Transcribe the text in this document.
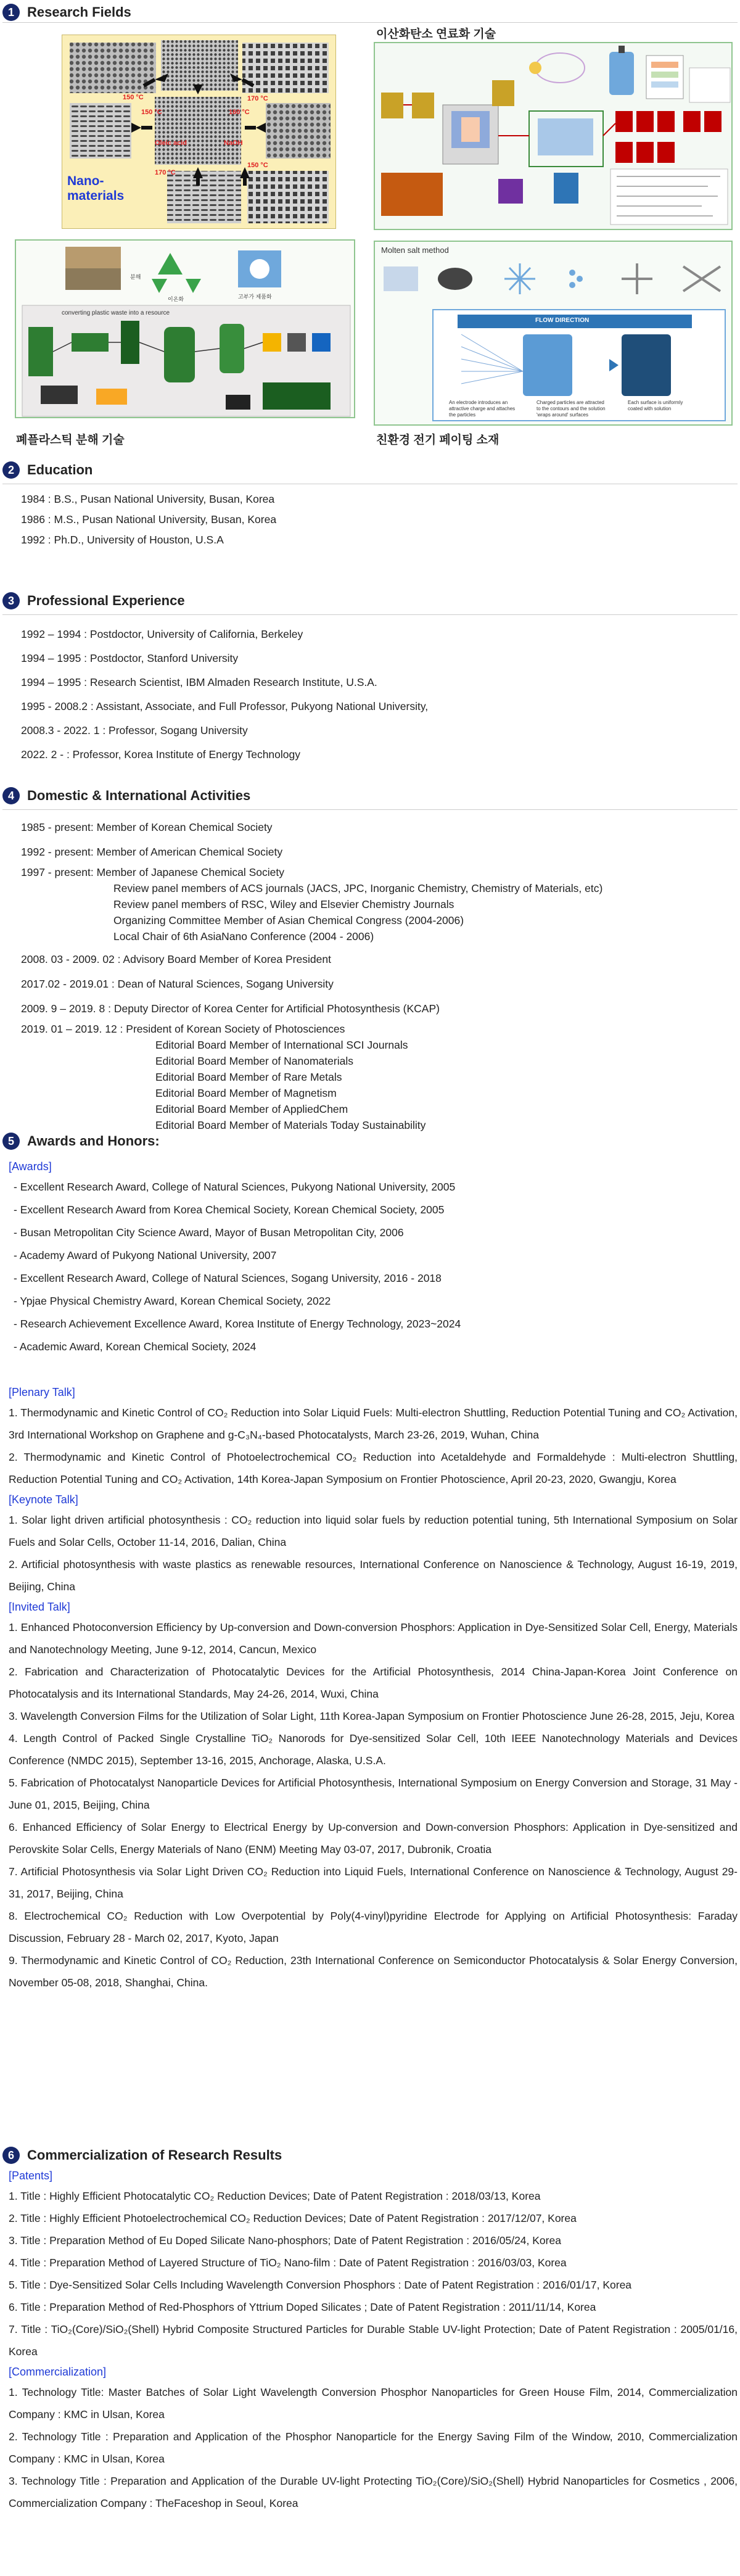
1 Research Fields
150 °C	170 °C
150 °C	160 °C
170 °C
150 °C
Oleic acid	NaOH
Nano-
materials
이산화탄소 연료화 기술
converting plastic waste into a resource
분해
이온화	고부가 제품화
폐플라스틱 분해 기술
Molten salt method
FLOW DIRECTION
An electrode introduces an attractive charge and attaches the particles
Charged particles are attracted to the contours and the solution 'wraps around' surfaces
Each surface is uniformly coated with solution
친환경 전기 페이팅 소재
2 Education
1984 : B.S., Pusan National University, Busan, Korea
1986 : M.S., Pusan National University, Busan, Korea
1992 : Ph.D., University of Houston, U.S.A
3 Professional Experience
1992 – 1994 : Postdoctor, University of California, Berkeley
1994 – 1995 : Postdoctor, Stanford University
1994 – 1995 : Research Scientist, IBM Almaden Research Institute, U.S.A.
1995 - 2008.2 : Assistant, Associate, and Full Professor, Pukyong National University,
2008.3 - 2022. 1 : Professor, Sogang University
2022. 2 - : Professor, Korea Institute of Energy Technology
4 Domestic & International Activities
1985 - present: Member of Korean Chemical Society
1992 - present: Member of American Chemical Society
1997 - present: Member of Japanese Chemical Society
Review panel members of ACS journals (JACS, JPC, Inorganic Chemistry, Chemistry of Materials, etc)
Review panel members of RSC, Wiley and Elsevier Chemistry Journals
Organizing Committee Member of Asian Chemical Congress (2004-2006)
Local Chair of 6th AsiaNano Conference (2004 - 2006)
2008. 03 - 2009. 02 : Advisory Board Member of Korea President
2017.02 - 2019.01 : Dean of Natural Sciences, Sogang University
2009. 9 – 2019. 8 : Deputy Director of Korea Center for Artificial Photosynthesis (KCAP)
2019. 01 – 2019. 12 : President of Korean Society of Photosciences
Editorial Board Member of International SCI Journals
Editorial Board Member of Nanomaterials
Editorial Board Member of Rare Metals
Editorial Board Member of Magnetism
Editorial Board Member of AppliedChem
Editorial Board Member of Materials Today Sustainability
5 Awards and Honors:
[Awards]
- Excellent Research Award, College of Natural Sciences, Pukyong National University, 2005
- Excellent Research Award from Korea Chemical Society, Korean Chemical Society, 2005
- Busan Metropolitan City Science Award, Mayor of Busan Metropolitan City, 2006
- Academy Award of Pukyong National University, 2007
- Excellent Research Award, College of Natural Sciences, Sogang University, 2016 - 2018
- Ypjae Physical Chemistry Award, Korean Chemical Society, 2022
- Research Achievement Excellence Award, Korea Institute of Energy Technology, 2023~2024
- Academic Award, Korean Chemical Society, 2024
[Plenary Talk]
1. Thermodynamic and Kinetic Control of CO₂ Reduction into Solar Liquid Fuels: Multi-electron Shuttling, Reduction Potential Tuning and CO₂ Activation, 3rd International Workshop on Graphene and g-C₃N₄-based Photocatalysts, March 23-26, 2019, Wuhan, China
2. Thermodynamic and Kinetic Control of Photoelectrochemical CO₂ Reduction into Acetaldehyde and Formaldehyde : Multi-electron Shuttling, Reduction Potential Tuning and CO₂ Activation, 14th Korea-Japan Symposium on Frontier Photoscience, April 20-23, 2020, Gwangju, Korea
[Keynote Talk]
1. Solar light driven artificial photosynthesis : CO₂ reduction into liquid solar fuels by reduction potential tuning, 5th International Symposium on Solar Fuels and Solar Cells, October 11-14, 2016, Dalian, China
2. Artificial photosynthesis with waste plastics as renewable resources, International Conference on Nanoscience & Technology, August 16-19, 2019, Beijing, China
[Invited Talk]
1. Enhanced Photoconversion Efficiency by Up-conversion and Down-conversion Phosphors: Application in Dye-Sensitized Solar Cell, Energy, Materials and Nanotechnology Meeting, June 9-12, 2014, Cancun, Mexico
2. Fabrication and Characterization of Photocatalytic Devices for the Artificial Photosynthesis, 2014 China-Japan-Korea Joint Conference on Photocatalysis and its International Standards, May 24-26, 2014, Wuxi, China
3. Wavelength Conversion Films for the Utilization of Solar Light, 11th Korea-Japan Symposium on Frontier Photoscience June 26-28, 2015, Jeju, Korea
4. Length Control of Packed Single Crystalline TiO₂ Nanorods for Dye-sensitized Solar Cell, 10th IEEE Nanotechnology Materials and Devices Conference (NMDC 2015), September 13-16, 2015, Anchorage, Alaska, U.S.A.
5. Fabrication of Photocatalyst Nanoparticle Devices for Artificial Photosynthesis, International Symposium on Energy Conversion and Storage, 31 May - June 01, 2015, Beijing, China
6. Enhanced Efficiency of Solar Energy to Electrical Energy by Up-conversion and Down-conversion Phosphors: Application in Dye-sensitized and Perovskite Solar Cells, Energy Materials of Nano (ENM) Meeting May 03-07, 2017, Dubronik, Croatia
7. Artificial Photosynthesis via Solar Light Driven CO₂ Reduction into Liquid Fuels, International Conference on Nanoscience & Technology, August 29-31, 2017, Beijing, China
8. Electrochemical CO₂ Reduction with Low Overpotential by Poly(4-vinyl)pyridine Electrode for Applying on Artificial Photosynthesis: Faraday Discussion, February 28 - March 02, 2017, Kyoto, Japan
9. Thermodynamic and Kinetic Control of CO₂ Reduction, 23th International Conference on Semiconductor Photocatalysis & Solar Energy Conversion, November 05-08, 2018, Shanghai, China.
6 Commercialization of Research Results
[Patents]
1. Title : Highly Efficient Photocatalytic CO₂ Reduction Devices; Date of Patent Registration : 2018/03/13, Korea
2. Title : Highly Efficient Photoelectrochemical CO₂ Reduction Devices; Date of Patent Registration : 2017/12/07, Korea
3. Title : Preparation Method of Eu Doped Silicate Nano-phosphors; Date of Patent Registration : 2016/05/24, Korea
4. Title : Preparation Method of Layered Structure of TiO₂ Nano-film : Date of Patent Registration : 2016/03/03, Korea
5. Title : Dye-Sensitized Solar Cells Including Wavelength Conversion Phosphors : Date of Patent Registration : 2016/01/17, Korea
6. Title : Preparation Method of Red-Phosphors of Yttrium Doped Silicates ; Date of Patent Registration : 2011/11/14, Korea
7. Title : TiO₂(Core)/SiO₂(Shell) Hybrid Composite Structured Particles for Durable Stable UV-light Protection; Date of Patent Registration : 2005/01/16, Korea
[Commercialization]
1. Technology Title: Master Batches of Solar Light Wavelength Conversion Phosphor Nanoparticles for Green House Film, 2014, Commercialization Company : KMC in Ulsan, Korea
2. Technology Title : Preparation and Application of the Phosphor Nanoparticle for the Energy Saving Film of the Window, 2010, Commercialization Company : KMC in Ulsan, Korea
3. Technology Title : Preparation and Application of the Durable UV-light Protecting TiO₂(Core)/SiO₂(Shell) Hybrid Nanoparticles for Cosmetics , 2006, Commercialization Company : TheFaceshop in Seoul, Korea
